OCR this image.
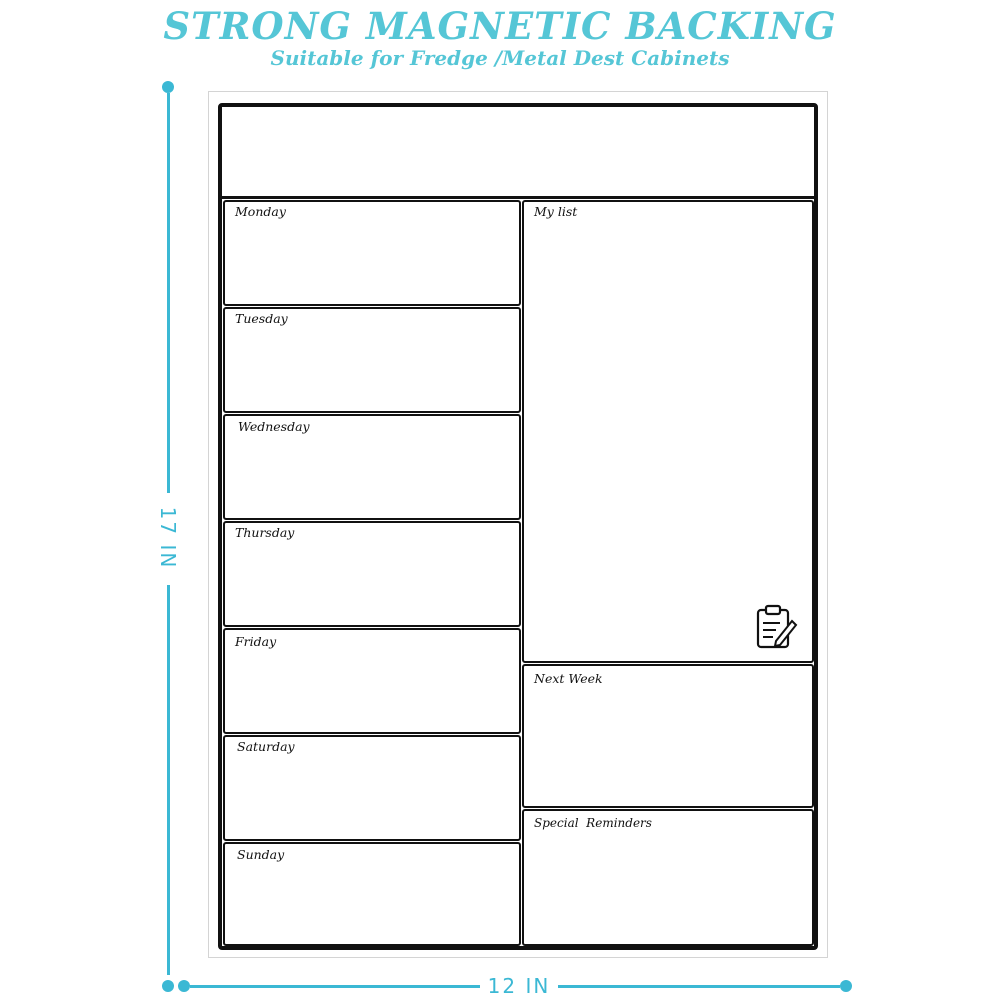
STRONG MAGNETIC BACKING
Suitable for Fredge /Metal Dest Cabinets
17 IN
12 IN
Monday
Tuesday
Wednesday
Thursday
Friday
Saturday
Sunday
My list
Next Week
Special  Reminders
